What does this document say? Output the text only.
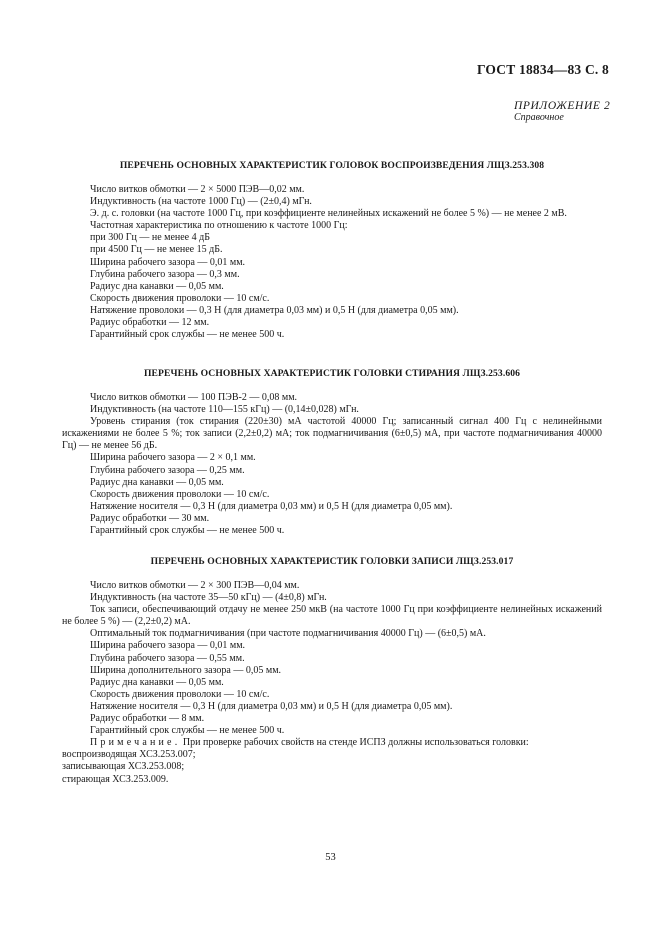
ГОСТ 18834—83 С. 8
ПРИЛОЖЕНИЕ 2
Справочное
ПЕРЕЧЕНЬ ОСНОВНЫХ ХАРАКТЕРИСТИК ГОЛОВОК ВОСПРОИЗВЕДЕНИЯ ЛЩЗ.253.308

Число витков обмотки — 2 × 5000 ПЭВ—0,02 мм.

Индуктивность (на частоте 1000 Гц) — (2±0,4) мГн.

Э. д. с. головки (на частоте 1000 Гц, при коэффициенте нелинейных искажений не более 5 %) — не менее 2 мВ.

Частотная характеристика по отношению к частоте 1000 Гц:

при 300 Гц — не менее 4 дБ

при 4500 Гц — не менее 15 дБ.

Ширина рабочего зазора — 0,01 мм.

Глубина рабочего зазора — 0,3 мм.

Радиус дна канавки — 0,05 мм.

Скорость движения проволоки — 10 см/с.

Натяжение проволоки — 0,3 Н (для диаметра 0,03 мм) и 0,5 Н (для диаметра 0,05 мм).

Радиус обработки — 12 мм.

Гарантийный срок службы — не менее 500 ч.

ПЕРЕЧЕНЬ ОСНОВНЫХ ХАРАКТЕРИСТИК ГОЛОВКИ СТИРАНИЯ ЛЩЗ.253.606

Число витков обмотки — 100 ПЭВ-2 — 0,08 мм.

Индуктивность (на частоте 110—155 кГц) — (0,14±0,028) мГн.

Уровень стирания (ток стирания (220±30) мА частотой 40000 Гц; записанный сигнал 400 Гц с нелинейными искажениями не более 5 %; ток записи (2,2±0,2) мА; ток подмагничивания (6±0,5) мА, при частоте подмагничивания 40000 Гц) — не менее 56 дБ.

Ширина рабочего зазора — 2 × 0,1 мм.

Глубина рабочего зазора — 0,25 мм.

Радиус дна канавки — 0,05 мм.

Скорость движения проволоки — 10 см/с.

Натяжение носителя — 0,3 Н (для диаметра 0,03 мм) и 0,5 Н (для диаметра 0,05 мм).

Радиус обработки — 30 мм.

Гарантийный срок службы — не менее 500 ч.

ПЕРЕЧЕНЬ ОСНОВНЫХ ХАРАКТЕРИСТИК ГОЛОВКИ ЗАПИСИ ЛЩЗ.253.017

Число витков обмотки — 2 × 300 ПЭВ—0,04 мм.

Индуктивность (на частоте 35—50 кГц) — (4±0,8) мГн.

Ток записи, обеспечивающий отдачу не менее 250 мкВ (на частоте 1000 Гц при коэффициенте нелинейных искажений не более 5 %) — (2,2±0,2) мА.

Оптимальный ток подмагничивания (при частоте подмагничивания 40000 Гц) — (6±0,5) мА.

Ширина рабочего зазора — 0,01 мм.

Глубина рабочего зазора — 0,55 мм.

Ширина дополнительного зазора — 0,05 мм.

Радиус дна канавки — 0,05 мм.

Скорость движения проволоки — 10 см/с.

Натяжение носителя — 0,3 Н (для диаметра 0,03 мм) и 0,5 Н (для диаметра 0,05 мм).

Радиус обработки — 8 мм.

Гарантийный срок службы — не менее 500 ч.

Примечание. При проверке рабочих свойств на стенде ИСПЗ должны использоваться головки:

воспроизводящая ХСЗ.253.007;

записывающая ХСЗ.253.008;

стирающая ХСЗ.253.009.

53
